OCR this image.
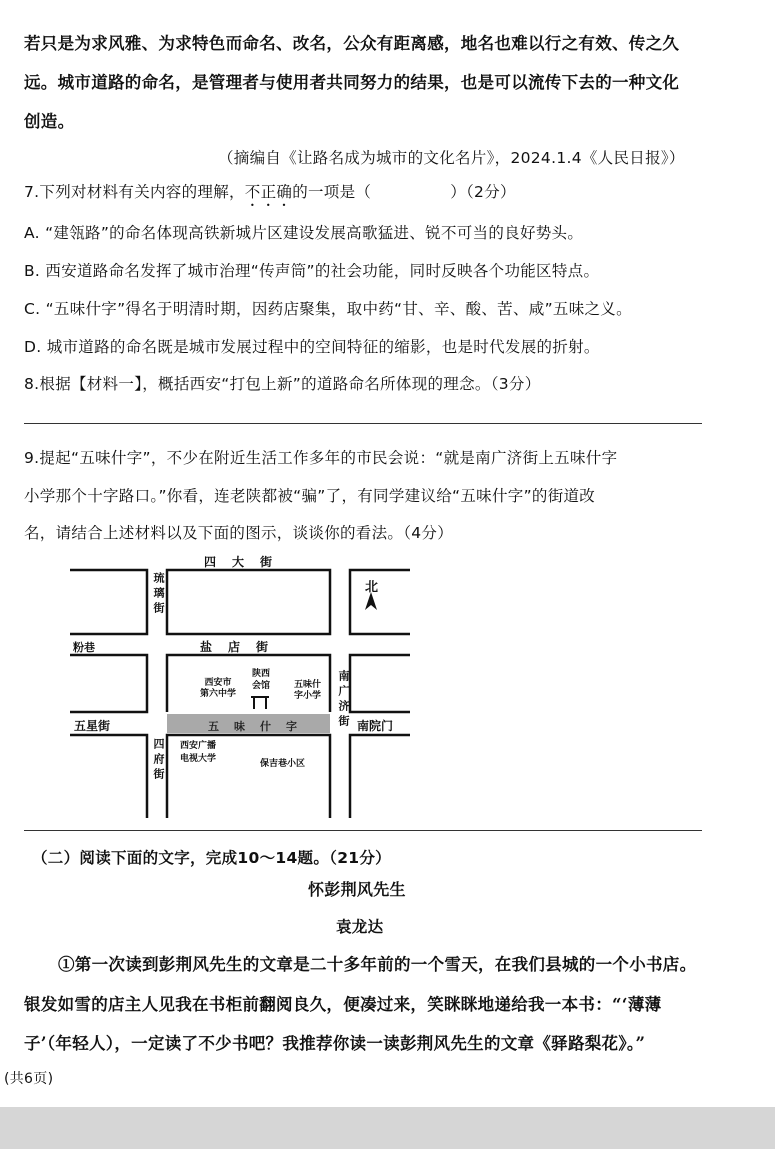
若只是为求风雅、为求特色而命名、改名，公众有距离感，地名也难以行之有效、传之久
远。城市道路的命名，是管理者与使用者共同努力的结果，也是可以流传下去的一种文化
创造。
（摘编自《让路名成为城市的文化名片》，2024.1.4《人民日报》）
7.下列对材料有关内容的理解，不正确的一项是（　　　　　）（2分）
A. “建瓴路”的命名体现高铁新城片区建设发展高歌猛进、锐不可当的良好势头。
B. 西安道路命名发挥了城市治理“传声筒”的社会功能，同时反映各个功能区特点。
C. “五味什字”得名于明清时期，因药店聚集，取中药“甘、辛、酸、苦、咸”五味之义。
D. 城市道路的命名既是城市发展过程中的空间特征的缩影，也是时代发展的折射。
8.根据【材料一】，概括西安“打包上新”的道路命名所体现的理念。（3分）
9.提起“五味什字”，不少在附近生活工作多年的市民会说：“就是南广济街上五味什字
小学那个十字路口。”你看，连老陕都被“骗”了，有同学建议给“五味什字”的街道改
名，请结合上述材料以及下面的图示，谈谈你的看法。（4分）
四　大　街
琉璃街	北
盐　店　街
粉巷
西安市
第六中学
陕西
会馆	五味什
字小学 南广济街
五星街	五　味　什　字	南院门
四府街 西安广播
电视大学	保吉巷小区
（二）阅读下面的文字，完成10～14题。（21分）
怀彭荆风先生
袁龙达
①第一次读到彭荆风先生的文章是二十多年前的一个雪天，在我们县城的一个小书店。
银发如雪的店主人见我在书柜前翻阅良久，便凑过来，笑眯眯地递给我一本书：“‘薄薄
子’（年轻人），一定读了不少书吧？我推荐你读一读彭荆风先生的文章《驿路梨花》。”
(共6页)
